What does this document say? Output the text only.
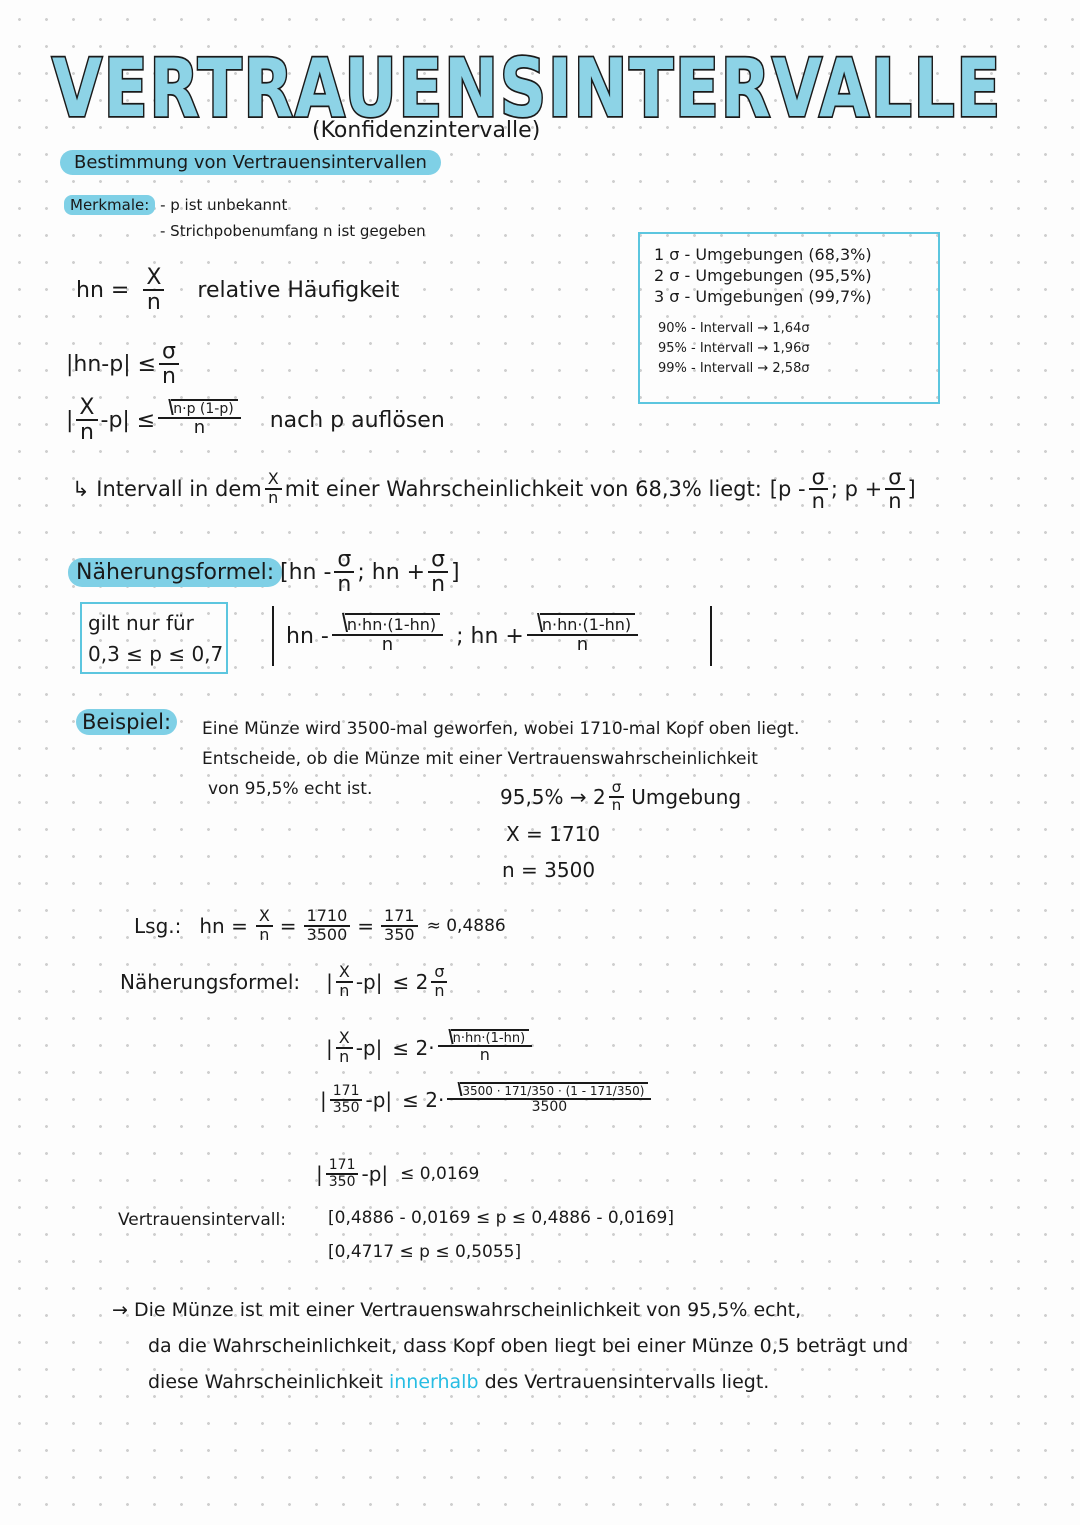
VERTRAUENSINTERVALLE
(Konfidenzintervalle)
Bestimmung von Vertrauensintervallen
Merkmale: - p ist unbekannt
- Strichpobenumfang n ist gegeben
hn = $\frac{X}{n}$ relative Häufigkeit
$|hn-p| \le \frac{\sigma}{n}$
| $\frac{X}{n} -p| \le \frac{n\cdot p (1-p)}{n}$ nach p auflösen
↳ Intervall in dem $\frac{X}{n}$ mit einer Wahrscheinlichkeit von 68,3% liegt: [$p - \frac{\sigma}{n}$ ; $p + \frac{\sigma}{n}$ ]
1 σ - Umgebungen (68,3%)
2 σ - Umgebungen (95,5%)
3 σ - Umgebungen (99,7%)
90% - Intervall → 1,64σ
95% - Intervall → 1,96σ
99% - Intervall → 2,58σ
Näherungsformel: [$hn - \frac{\sigma}{n}$ ; hn + $\frac{\sigma}{n}$ ]
gilt nur für
0,3 ≤ p ≤ 0,7
hn - $\frac{n\cdot hn\cdot(1-hn)}{n}$ ; hn + $\frac{n\cdot hn\cdot(1-hn)}{n}$
Beispiel:	Eine Münze wird 3500-mal geworfen, wobei 1710-mal Kopf oben liegt.
Entscheide, ob die Münze mit einer Vertrauenswahrscheinlichkeit
von 95,5% echt ist.	$95,5\% \to 2 \frac{\sigma}{n}$ Umgebung
X = 1710
n = 3500
Lsg.: hn = $\frac{X}{n} = \frac{1710}{3500} = \frac{171}{350} \approx 0,4886$
Näherungsformel: | $\frac{X}{n} -p| \le 2 \frac{\sigma}{n}$
| $\frac{X}{n} -p| \le 2\cdot \frac{n\cdot hn\cdot(1-hn)}{n}$
| $\frac{171}{350} -p| \le 2\cdot \frac{3500 \cdot 171/350 \cdot (1 - 171/350)}{3500}$
| $\frac{171}{350} -p| \le 0,0169$
Vertrauensintervall: [0,4886 - 0,0169 ≤ p ≤ 0,4886 - 0,0169]
[0,4717 ≤ p ≤ 0,5055]
→ Die Münze ist mit einer Vertrauenswahrscheinlichkeit von 95,5% echt,
da die Wahrscheinlichkeit, dass Kopf oben liegt bei einer Münze 0,5 beträgt und
diese Wahrscheinlichkeit innerhalb des Vertrauensintervalls liegt.
